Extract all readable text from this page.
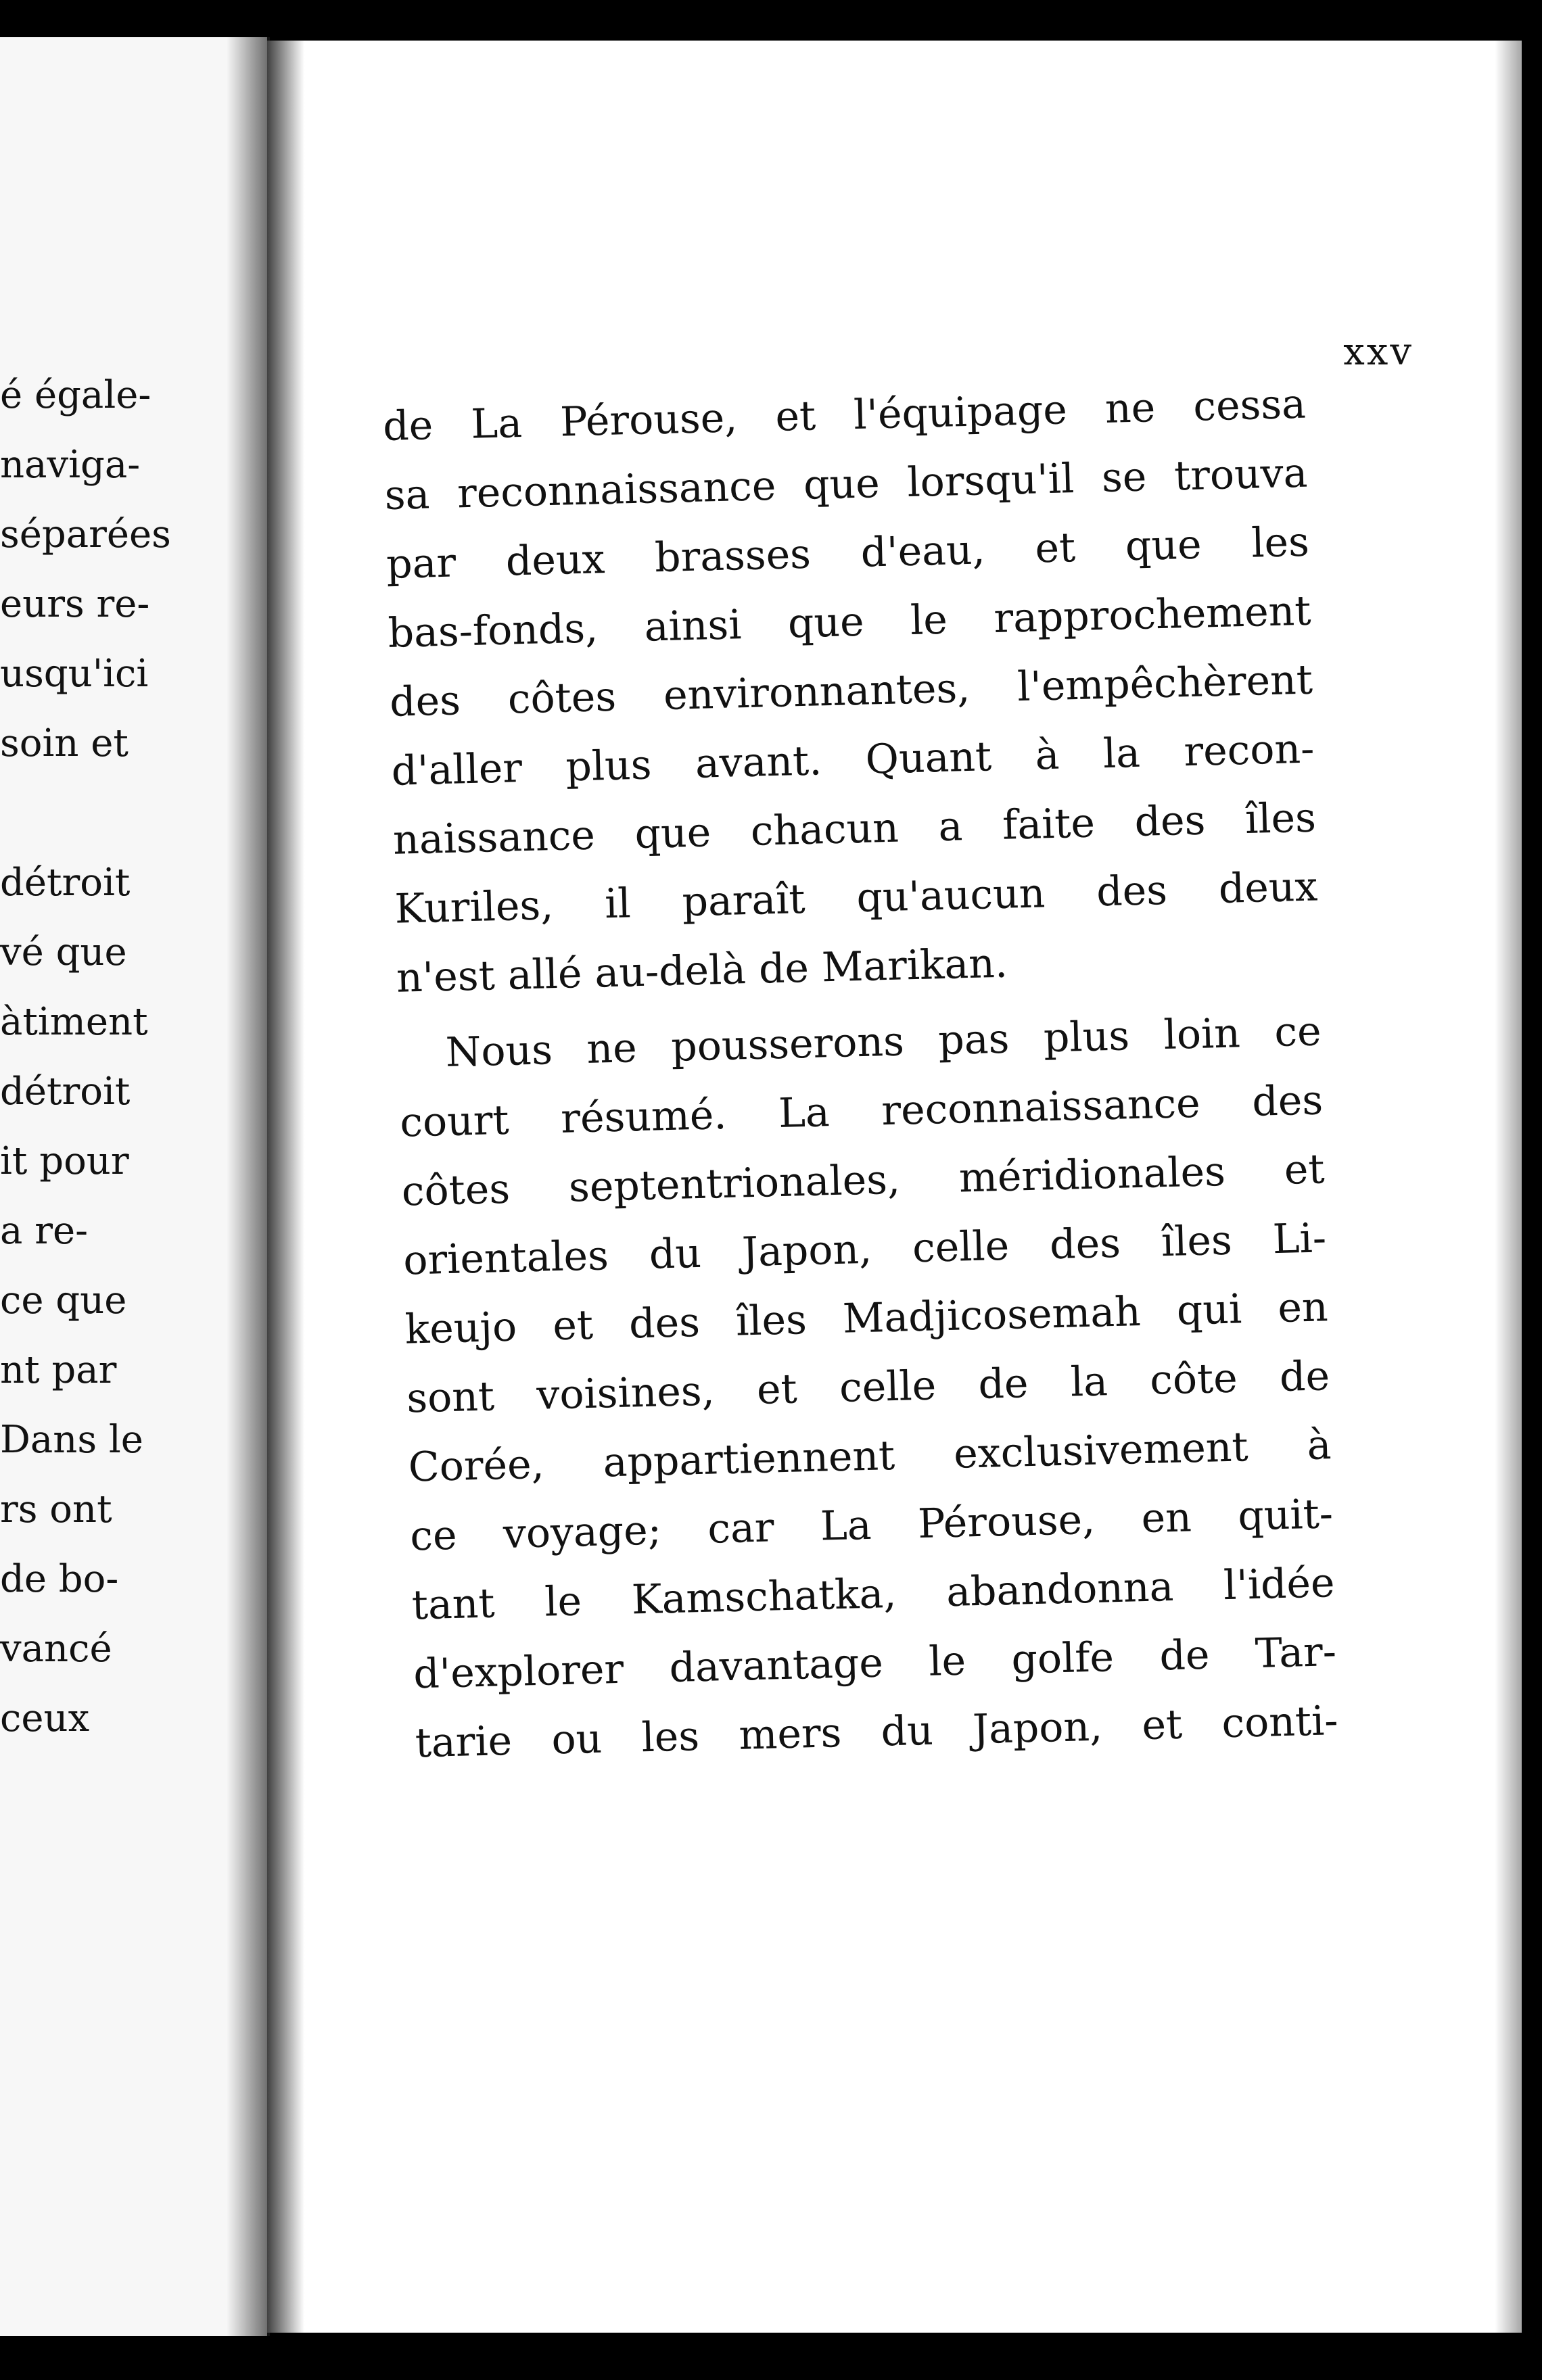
é égale-
naviga-
séparées
eurs re-
usqu'ici
soin et
détroit
vé que
àtiment
détroit
it pour
a re-
ce que
nt par
Dans le
rs ont
de bo-
vancé
ceux
xxv
de La Pérouse, et l'équipage ne cessa
sa reconnaissance que lorsqu'il se trouva
par deux brasses d'eau, et que les
bas-fonds, ainsi que le rapprochement
des côtes environnantes, l'empêchèrent
d'aller plus avant. Quant à la recon-
naissance que chacun a faite des îles
Kuriles, il paraît qu'aucun des deux
n'est allé au-delà de Marikan.
Nous ne pousserons pas plus loin ce
court résumé. La reconnaissance des
côtes septentrionales, méridionales et
orientales du Japon, celle des îles Li-
keujo et des îles Madjicosemah qui en
sont voisines, et celle de la côte de
Corée, appartiennent exclusivement à
ce voyage; car La Pérouse, en quit-
tant le Kamschatka, abandonna l'idée
d'explorer davantage le golfe de Tar-
tarie ou les mers du Japon, et conti-
